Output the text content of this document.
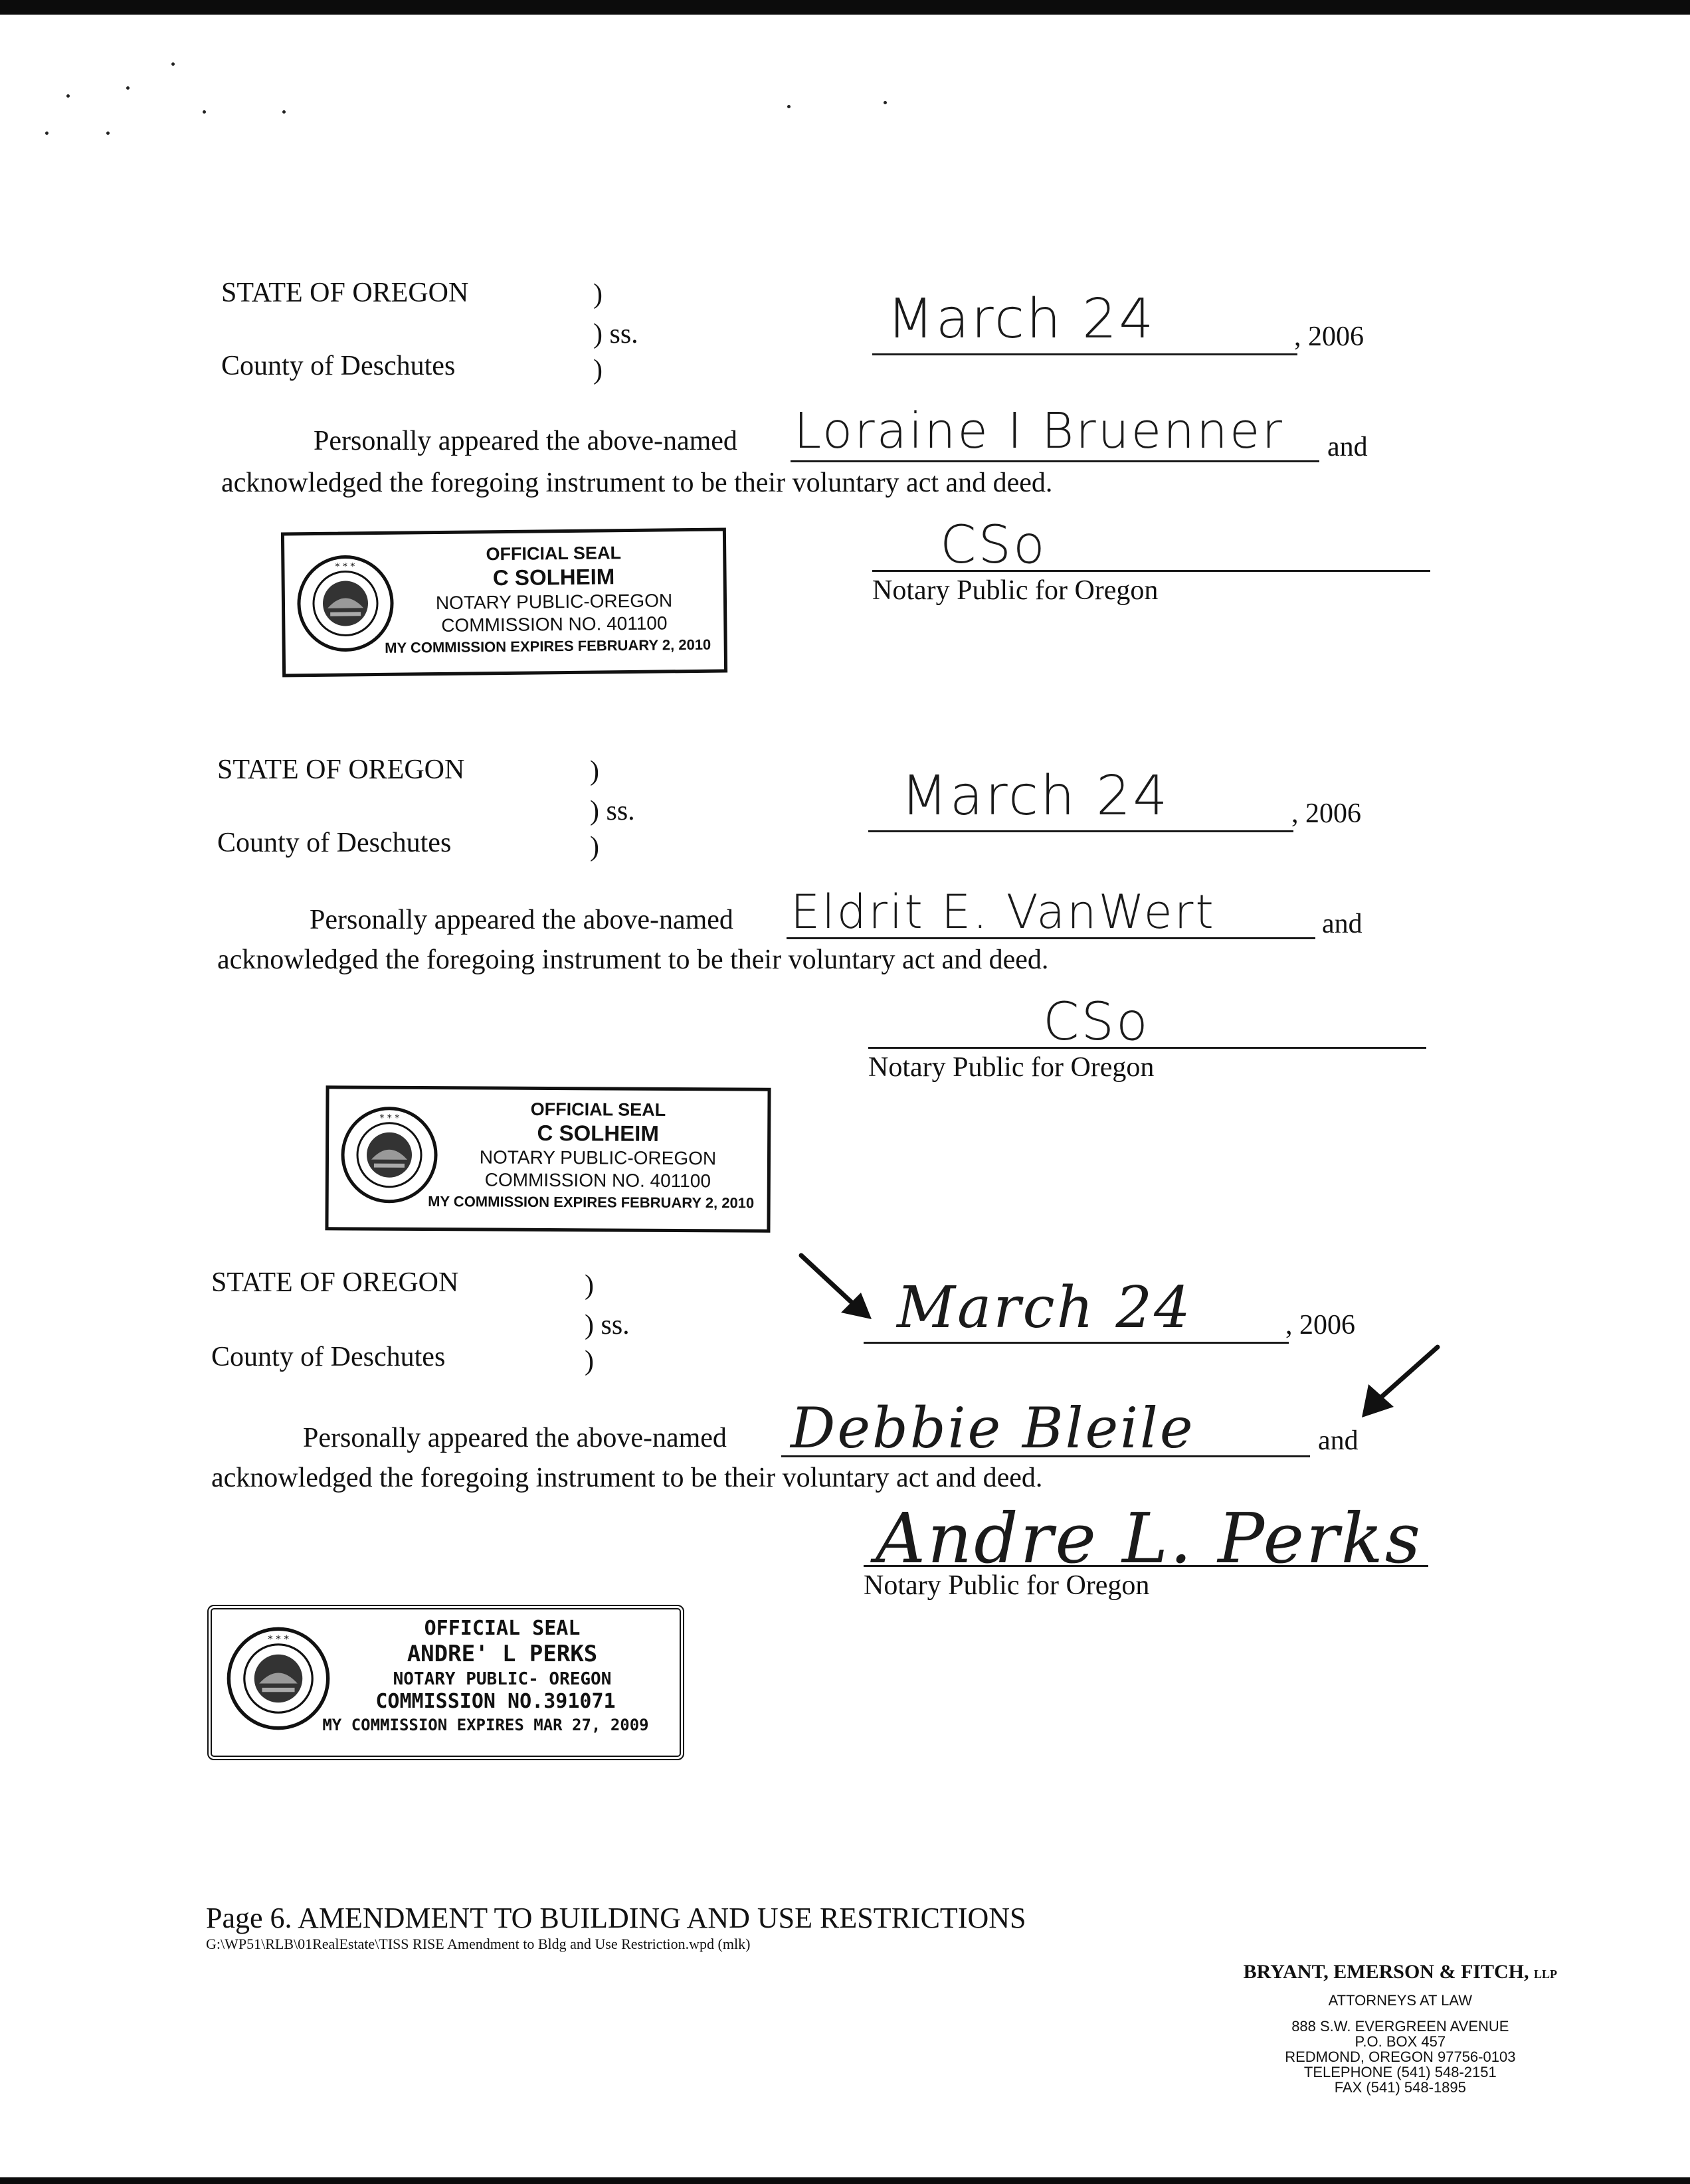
STATE OF OREGON	)
) ss.
)
County of Deschutes
March 24	, 2006
Personally appeared the above-named Loraine I Bruenner and
acknowledged the foregoing instrument to be their voluntary act and deed.
CSo
Notary Public for Oregon
* * *
OFFICIAL SEAL
C SOLHEIM
NOTARY PUBLIC-OREGON
COMMISSION NO. 401100
MY COMMISSION EXPIRES FEBRUARY 2, 2010
STATE OF OREGON	)
) ss.
)
County of Deschutes
March 24	, 2006
Personally appeared the above-named Eldrit E. VanWert	and
acknowledged the foregoing instrument to be their voluntary act and deed.
CSo
Notary Public for Oregon
* * *	OFFICIAL SEAL
C SOLHEIM
NOTARY PUBLIC-OREGON
COMMISSION NO. 401100
MY COMMISSION EXPIRES FEBRUARY 2, 2010
STATE OF OREGON	)
) ss.
)
County of Deschutes
March 24	, 2006
Personally appeared the above-named Debbie Bleile	and
acknowledged the foregoing instrument to be their voluntary act and deed.
Andre L. Perks
Notary Public for Oregon
* * *	OFFICIAL SEAL
ANDRE' L PERKS
NOTARY PUBLIC- OREGON
COMMISSION NO.391071
MY COMMISSION EXPIRES MAR 27, 2009
Page 6. AMENDMENT TO BUILDING AND USE RESTRICTIONS
G:\WP51\RLB\01RealEstate\TISS RISE Amendment to Bldg and Use Restriction.wpd (mlk)
BRYANT, EMERSON & FITCH, LLP
ATTORNEYS AT LAW
888 S.W. EVERGREEN AVENUE
P.O. BOX 457
REDMOND, OREGON 97756-0103
TELEPHONE (541) 548-2151
FAX (541) 548-1895
